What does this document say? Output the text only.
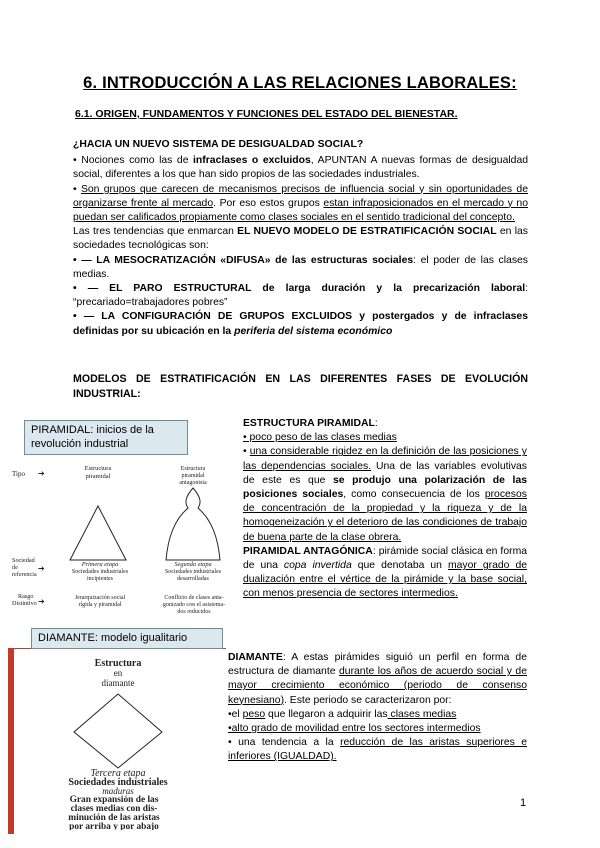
6. INTRODUCCIÓN A LAS RELACIONES LABORALES:
6.1. ORIGEN, FUNDAMENTOS Y FUNCIONES DEL ESTADO DEL BIENESTAR.

¿HACIA UN NUEVO SISTEMA DE DESIGUALDAD SOCIAL?

• Nociones como las de infraclases o excluidos, APUNTAN A nuevas formas de desigualdad social, diferentes a los que han sido propios de las sociedades industriales.

• Son grupos que carecen de mecanismos precisos de influencia social y sin oportunidades de organizarse frente al mercado. Por eso estos grupos estan infraposicionados en el mercado y no puedan ser calificados propiamente como clases sociales en el sentido tradicional del concepto.

Las tres tendencias que enmarcan EL NUEVO MODELO DE ESTRATIFICACIÓN SOCIAL en las sociedades tecnológicas son:

• — LA MESOCRATIZACIÓN «DIFUSA» de las estructuras sociales: el poder de las clases medias.

• — EL PARO ESTRUCTURAL de larga duración y la precarización laboral: “precariado=trabajadores pobres”

• — LA CONFIGURACIÓN DE GRUPOS EXCLUIDOS y postergados y de infraclases definidas por su ubicación en la periferia del sistema económico

MODELOS DE ESTRATIFICACIÓN EN LAS DIFERENTES FASES DE EVOLUCIÓN INDUSTRIAL:
PIRAMIDAL: inicios de la revolución industrial
Tipo ➔
Estructura piramidal
Estructura piramidal antagonista
Sociedad de referencia
➔	Primera etapa
Sociedades industriales incipientes
Segunda etapa
Sociedades industriales desarrolladas
Rasgo Distintivo ➔	Jerarquización social rígida y piramidal
Conflicto de clases anta-gonizado con el asistema-dos reducidos

ESTRUCTURA PIRAMIDAL:

• poco peso de las clases medias

• una considerable rigidez en la definición de las posiciones y las dependencias sociales. Una de las variables evolutivas de este es que se produjo una polarización de las posiciones sociales, como consecuencia de los procesos de concentración de la propiedad y la riqueza y de la homogeneización y el deterioro de las condiciones de trabajo de buena parte de la clase obrera.

PIRAMIDAL ANTAGÓNICA: pirámide social clásica en forma de una copa invertida que denotaba un mayor grado de dualización entre el vértice de la pirámide y la base social, con menos presencia de sectores intermedios.

DIAMANTE: modelo igualitario
Estructura
en
diamante
Tercera etapa
Sociedades industriales
maduras
Gran expansión de las
clases medias con dis-
minución de las aristas
por arriba y por abajo

DIAMANTE: A estas pirámides siguió un perfil en forma de estructura de diamante durante los años de acuerdo social y de mayor crecimiento económico (periodo de consenso keynesiano). Este periodo se caracterizaron por:

•el peso que llegaron a adquirir las clases medias

•alto grado de movilidad entre los sectores intermedios

• una tendencia a la reducción de las aristas superiores e inferiores (IGUALDAD).

1
